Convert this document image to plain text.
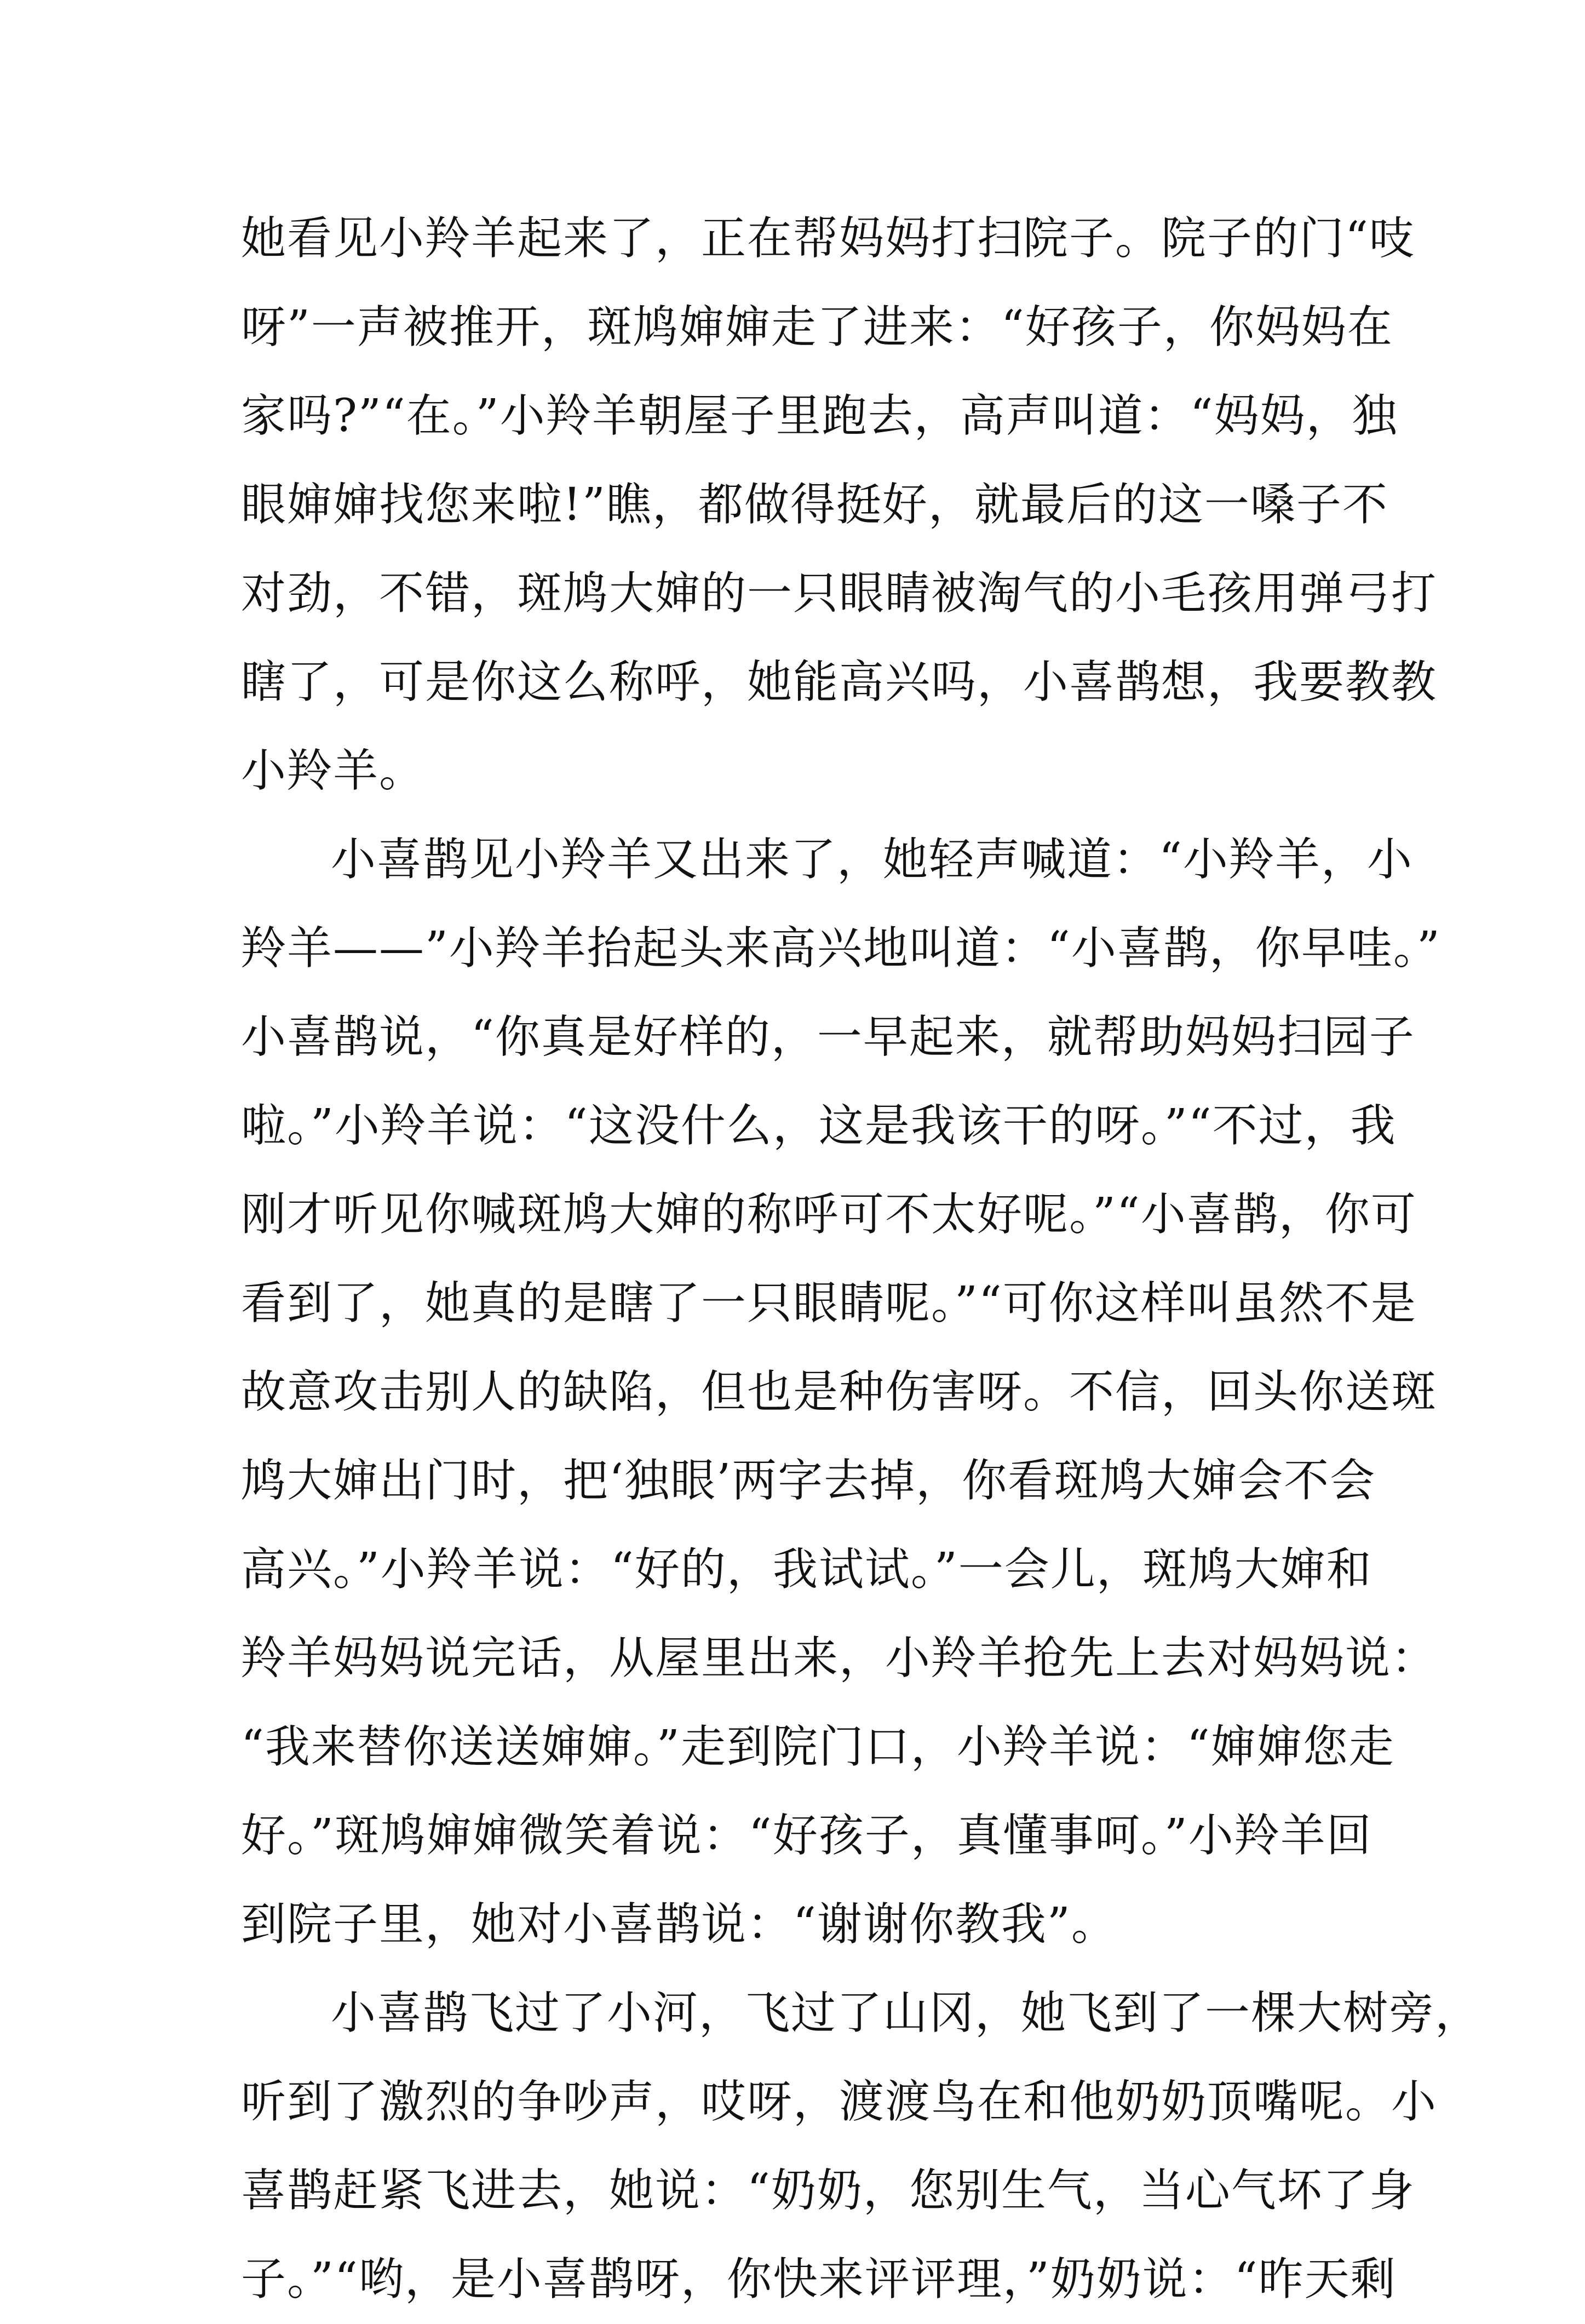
她看见小羚羊起来了，正在帮妈妈打扫院子。院子的门“吱
呀”一声被推开，斑鸠婶婶走了进来：“好孩子，你妈妈在
家吗?”“在。”小羚羊朝屋子里跑去，高声叫道：“妈妈，独
眼婶婶找您来啦!”瞧，都做得挺好，就最后的这一嗓子不
对劲，不错，斑鸠大婶的一只眼睛被淘气的小毛孩用弹弓打
瞎了，可是你这么称呼，她能高兴吗，小喜鹊想，我要教教
小羚羊。

小喜鹊见小羚羊又出来了，她轻声喊道：“小羚羊，小
羚羊——”小羚羊抬起头来高兴地叫道：“小喜鹊，你早哇。”
小喜鹊说，“你真是好样的，一早起来，就帮助妈妈扫园子
啦。”小羚羊说：“这没什么，这是我该干的呀。”“不过，我
刚才听见你喊斑鸠大婶的称呼可不太好呢。”“小喜鹊，你可
看到了，她真的是瞎了一只眼睛呢。”“可你这样叫虽然不是
故意攻击别人的缺陷，但也是种伤害呀。不信，回头你送斑
鸠大婶出门时，把‘独眼’两字去掉，你看斑鸠大婶会不会
高兴。”小羚羊说：“好的，我试试。”一会儿，斑鸠大婶和
羚羊妈妈说完话，从屋里出来，小羚羊抢先上去对妈妈说：
“我来替你送送婶婶。”走到院门口，小羚羊说：“婶婶您走
好。”斑鸠婶婶微笑着说：“好孩子，真懂事呵。”小羚羊回
到院子里，她对小喜鹊说：“谢谢你教我”。

小喜鹊飞过了小河，飞过了山冈，她飞到了一棵大树旁，
听到了激烈的争吵声，哎呀，渡渡鸟在和他奶奶顶嘴呢。小
喜鹊赶紧飞进去，她说：“奶奶，您别生气，当心气坏了身
子。”“哟，是小喜鹊呀，你快来评评理，”奶奶说：“昨天剩
